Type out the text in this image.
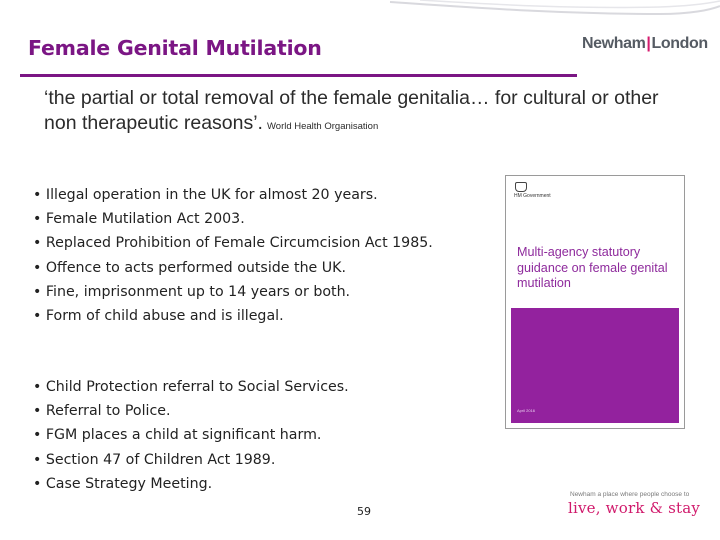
Female Genital Mutilation	Newham|London
‘the partial or total removal of the female genitalia… for cultural or other non therapeutic reasons’. World Health Organisation
• Illegal operation in the UK for almost 20 years.
• Female Mutilation Act 2003.
• Replaced Prohibition of Female Circumcision Act 1985.
• Offence to acts performed outside the UK.
• Fine, imprisonment up to 14 years or both.
• Form of child abuse and is illegal.
• Child Protection referral to Social Services.
• Referral to Police.
• FGM places a child at significant harm.
• Section 47 of Children Act 1989.
• Case Strategy Meeting.
HM Government
Multi-agency statutory guidance on female genital mutilation
April 2016
59
Newham a place where people choose to
live, work & stay
